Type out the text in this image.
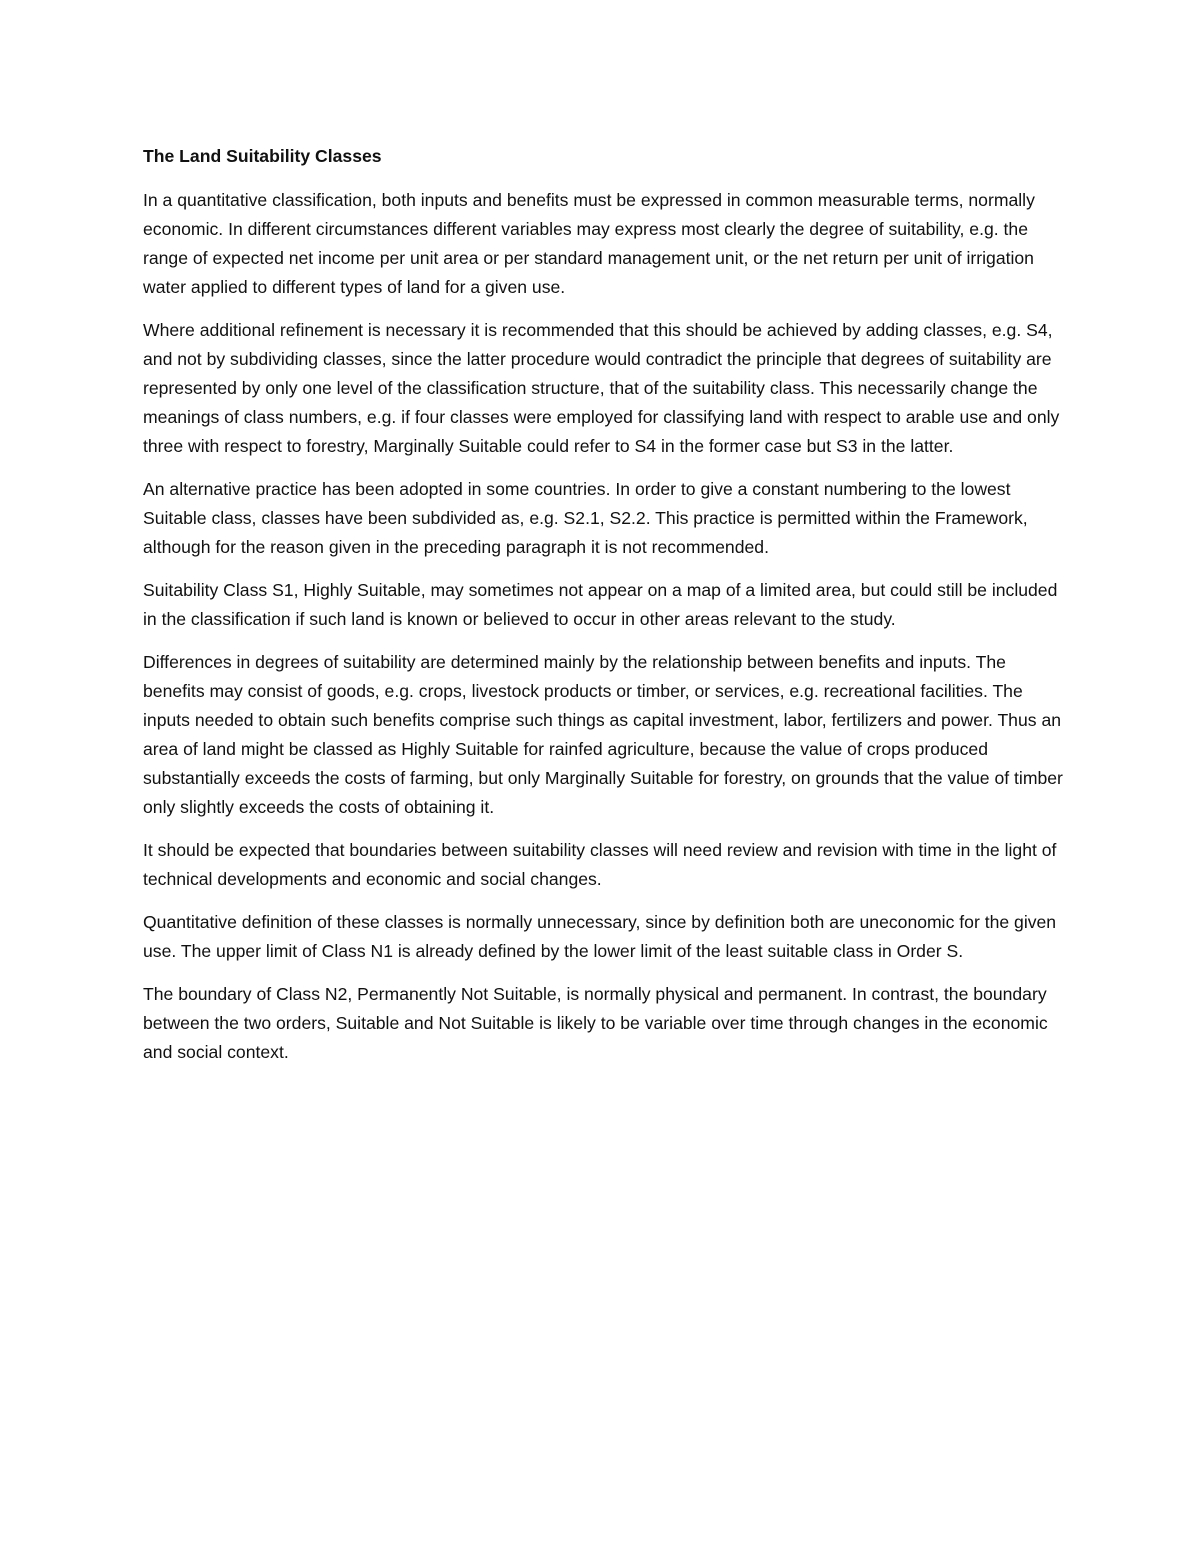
The Land Suitability Classes

In a quantitative classification, both inputs and benefits must be expressed in common measurable terms, normally economic. In different circumstances different variables may express most clearly the degree of suitability, e.g. the range of expected net income per unit area or per standard management unit, or the net return per unit of irrigation water applied to different types of land for a given use.

Where additional refinement is necessary it is recommended that this should be achieved by adding classes, e.g. S4, and not by subdividing classes, since the latter procedure would contradict the principle that degrees of suitability are represented by only one level of the classification structure, that of the suitability class. This necessarily change the meanings of class numbers, e.g. if four classes were employed for classifying land with respect to arable use and only three with respect to forestry, Marginally Suitable could refer to S4 in the former case but S3 in the latter.

An alternative practice has been adopted in some countries. In order to give a constant numbering to the lowest Suitable class, classes have been subdivided as, e.g. S2.1, S2.2. This practice is permitted within the Framework, although for the reason given in the preceding paragraph it is not recommended.

Suitability Class S1, Highly Suitable, may sometimes not appear on a map of a limited area, but could still be included in the classification if such land is known or believed to occur in other areas relevant to the study.

Differences in degrees of suitability are determined mainly by the relationship between benefits and inputs. The benefits may consist of goods, e.g. crops, livestock products or timber, or services, e.g. recreational facilities. The inputs needed to obtain such benefits comprise such things as capital investment, labor, fertilizers and power. Thus an area of land might be classed as Highly Suitable for rainfed agriculture, because the value of crops produced substantially exceeds the costs of farming, but only Marginally Suitable for forestry, on grounds that the value of timber only slightly exceeds the costs of obtaining it.

It should be expected that boundaries between suitability classes will need review and revision with time in the light of technical developments and economic and social changes.

Quantitative definition of these classes is normally unnecessary, since by definition both are uneconomic for the given use. The upper limit of Class N1 is already defined by the lower limit of the least suitable class in Order S.

The boundary of Class N2, Permanently Not Suitable, is normally physical and permanent. In contrast, the boundary between the two orders, Suitable and Not Suitable is likely to be variable over time through changes in the economic and social context.
